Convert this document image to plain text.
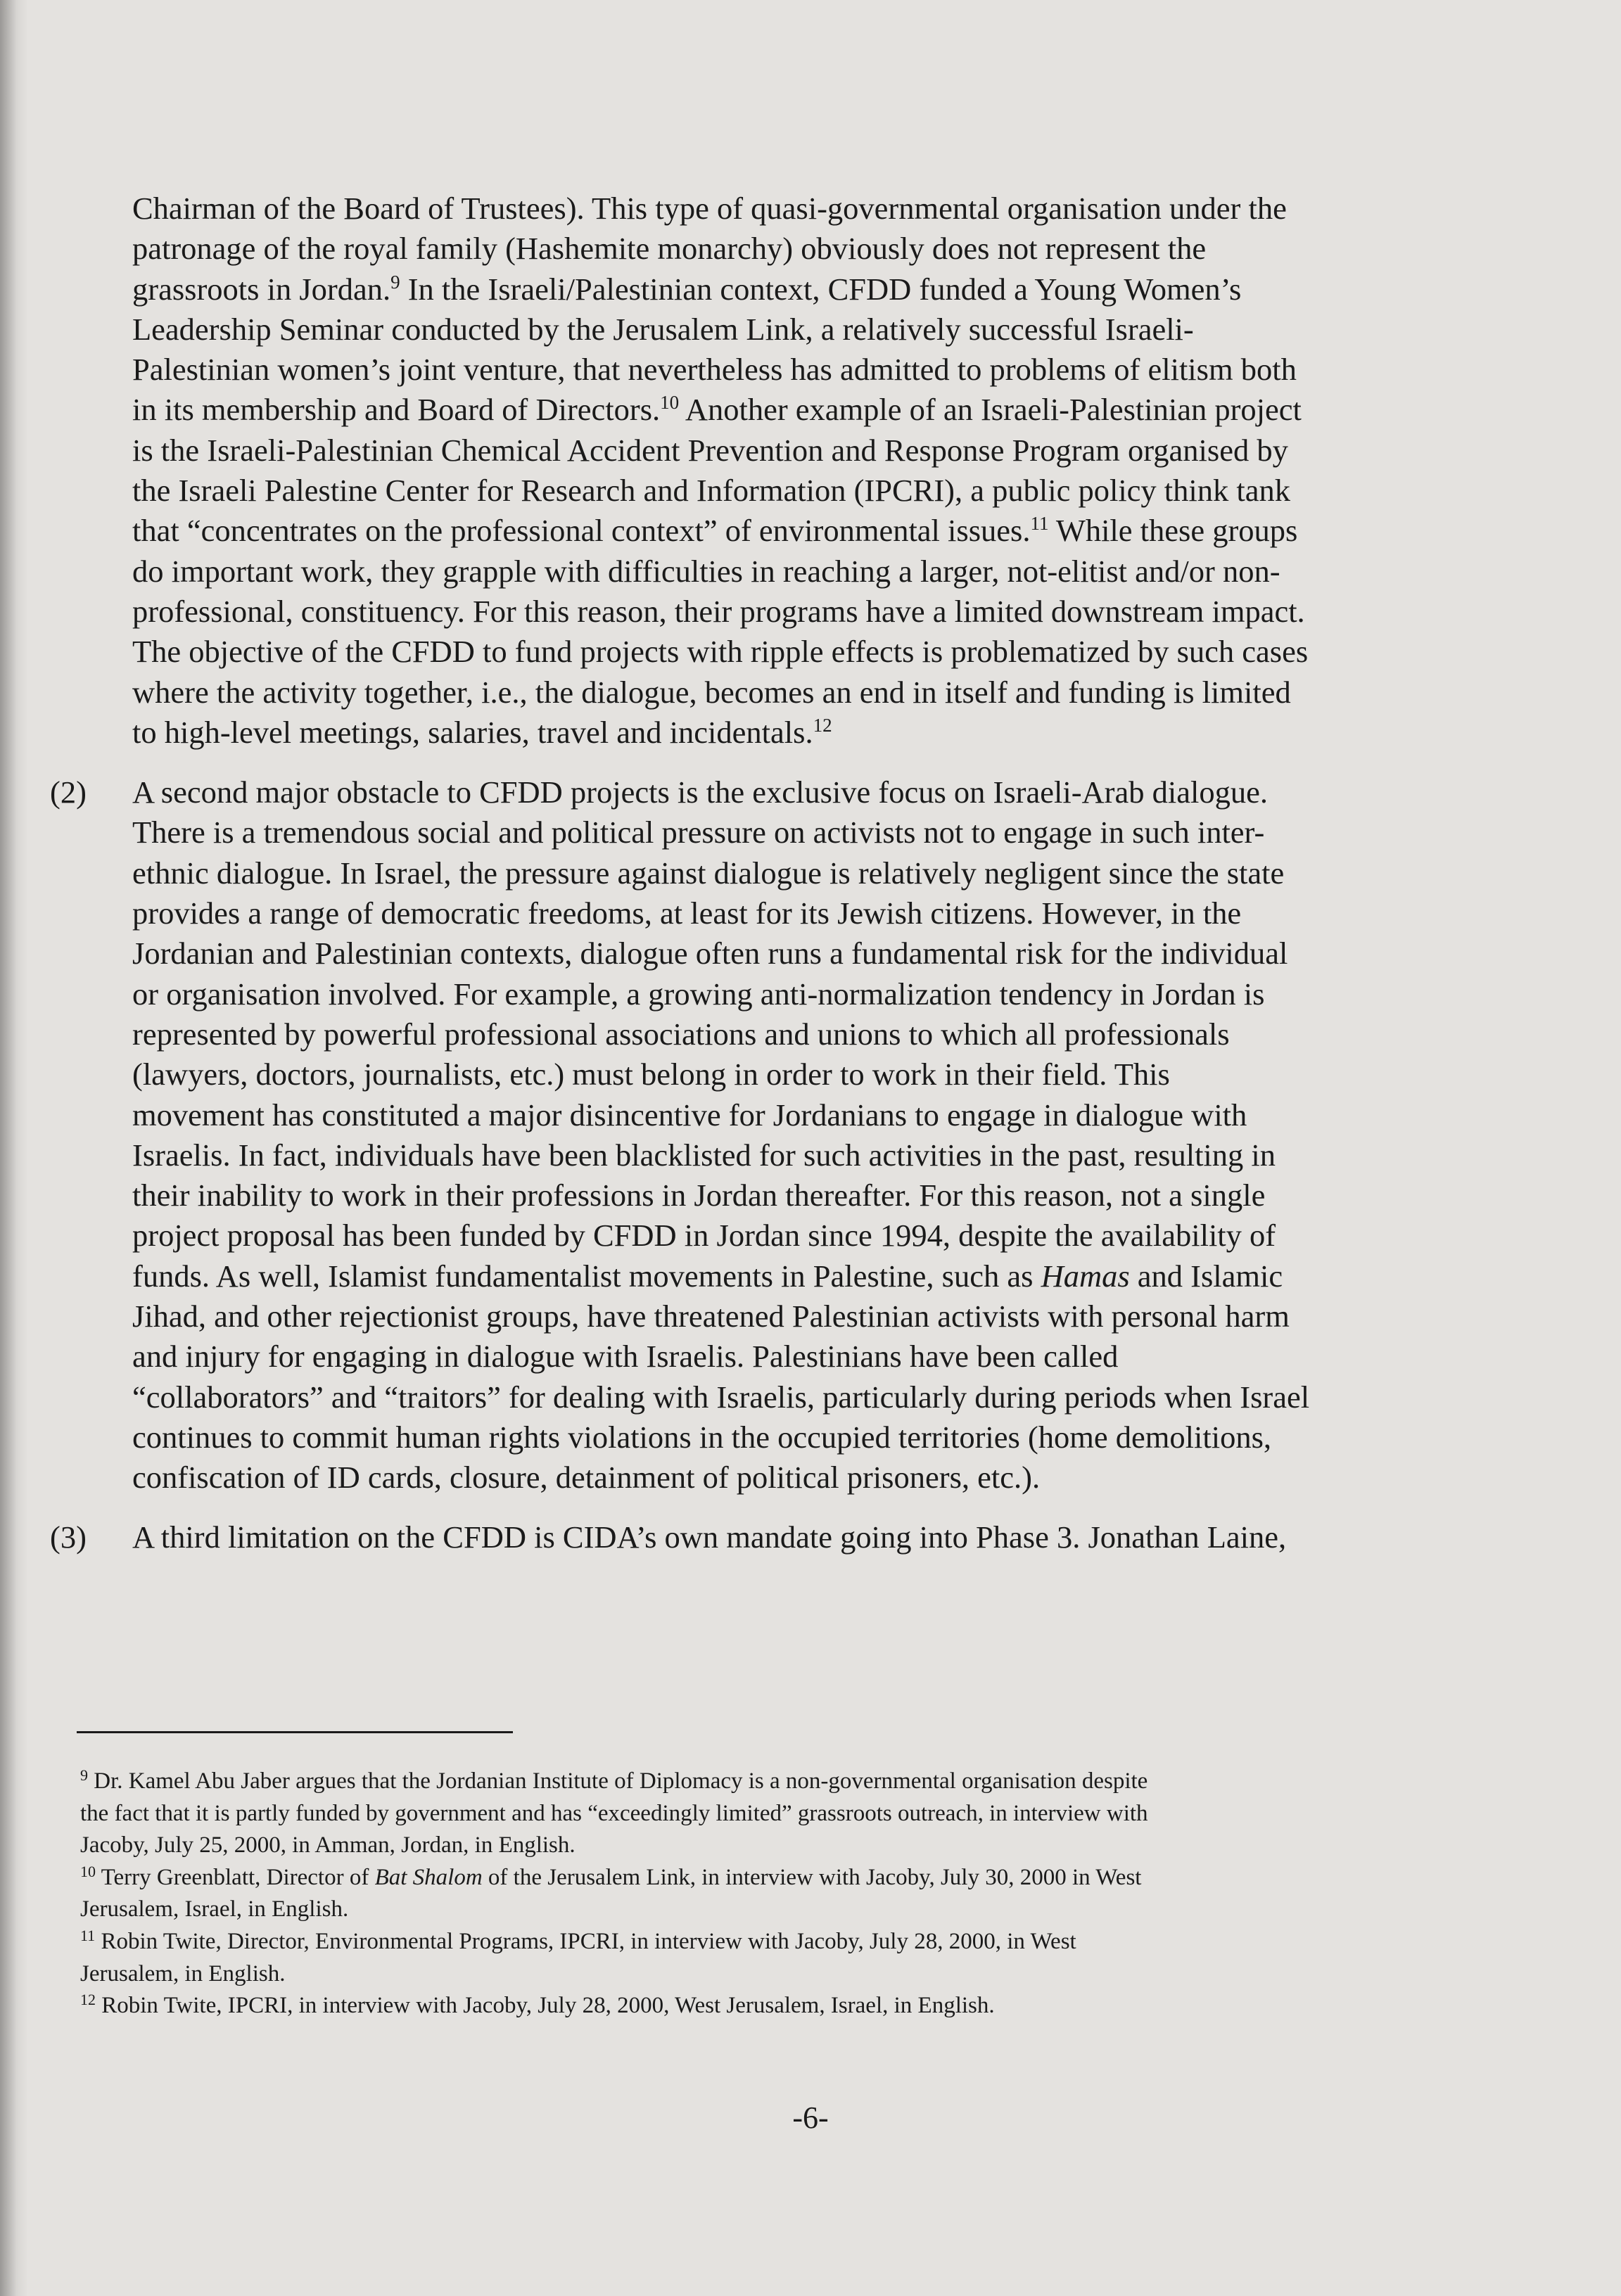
Chairman of the Board of Trustees). This type of quasi-governmental organisation under the
patronage of the royal family (Hashemite monarchy) obviously does not represent the
grassroots in Jordan.$^9$ In the Israeli/Palestinian context, CFDD funded a Young Women’s
Leadership Seminar conducted by the Jerusalem Link, a relatively successful Israeli-
Palestinian women’s joint venture, that nevertheless has admitted to problems of elitism both
in its membership and Board of Directors.$^{10}$ Another example of an Israeli-Palestinian project
is the Israeli-Palestinian Chemical Accident Prevention and Response Program organised by
the Israeli Palestine Center for Research and Information (IPCRI), a public policy think tank
that “concentrates on the professional context” of environmental issues.$^{11}$ While these groups
do important work, they grapple with difficulties in reaching a larger, not-elitist and/or non-
professional, constituency. For this reason, their programs have a limited downstream impact.
The objective of the CFDD to fund projects with ripple effects is problematized by such cases
where the activity together, i.e., the dialogue, becomes an end in itself and funding is limited
to high-level meetings, salaries, travel and incidentals.$^{12}$
(2) A second major obstacle to CFDD projects is the exclusive focus on Israeli-Arab dialogue.
There is a tremendous social and political pressure on activists not to engage in such inter-
ethnic dialogue. In Israel, the pressure against dialogue is relatively negligent since the state
provides a range of democratic freedoms, at least for its Jewish citizens. However, in the
Jordanian and Palestinian contexts, dialogue often runs a fundamental risk for the individual
or organisation involved. For example, a growing anti-normalization tendency in Jordan is
represented by powerful professional associations and unions to which all professionals
(lawyers, doctors, journalists, etc.) must belong in order to work in their field. This
movement has constituted a major disincentive for Jordanians to engage in dialogue with
Israelis. In fact, individuals have been blacklisted for such activities in the past, resulting in
their inability to work in their professions in Jordan thereafter. For this reason, not a single
project proposal has been funded by CFDD in Jordan since 1994, despite the availability of
funds. As well, Islamist fundamentalist movements in Palestine, such as Hamas and Islamic
Jihad, and other rejectionist groups, have threatened Palestinian activists with personal harm
and injury for engaging in dialogue with Israelis. Palestinians have been called
“collaborators” and “traitors” for dealing with Israelis, particularly during periods when Israel
continues to commit human rights violations in the occupied territories (home demolitions,
confiscation of ID cards, closure, detainment of political prisoners, etc.).
(3) A third limitation on the CFDD is CIDA’s own mandate going into Phase 3. Jonathan Laine,
$^9$ Dr. Kamel Abu Jaber argues that the Jordanian Institute of Diplomacy is a non-governmental organisation despite
the fact that it is partly funded by government and has “exceedingly limited” grassroots outreach, in interview with
Jacoby, July 25, 2000, in Amman, Jordan, in English.
$^{10}$ Terry Greenblatt, Director of Bat Shalom of the Jerusalem Link, in interview with Jacoby, July 30, 2000 in West
Jerusalem, Israel, in English.
$^{11}$ Robin Twite, Director, Environmental Programs, IPCRI, in interview with Jacoby, July 28, 2000, in West
Jerusalem, in English.
$^{12}$ Robin Twite, IPCRI, in interview with Jacoby, July 28, 2000, West Jerusalem, Israel, in English.
-6-
